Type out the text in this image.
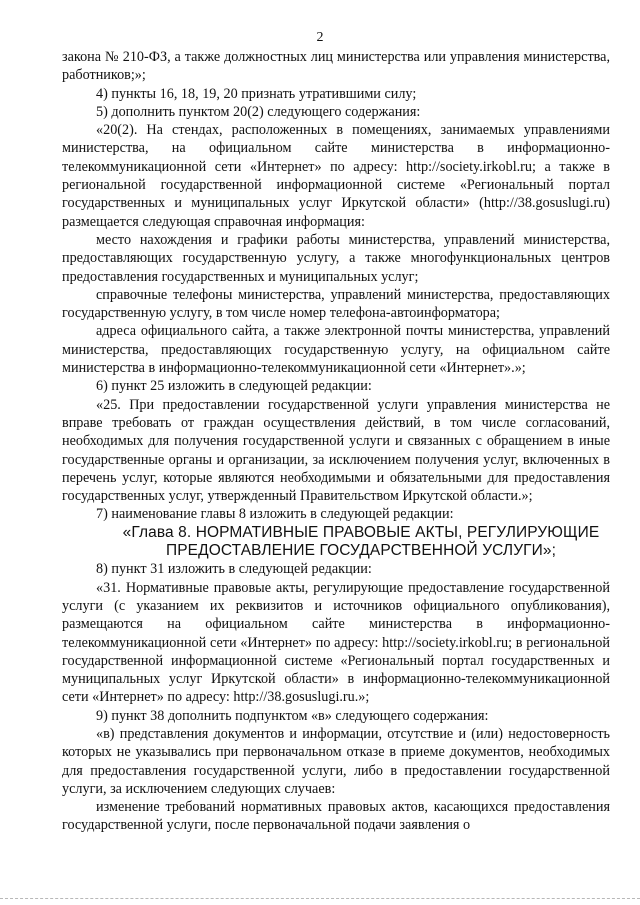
2

закона № 210-ФЗ, а также должностных лиц министерства или управления министерства, работников;»;

4) пункты 16, 18, 19, 20 признать утратившими силу;

5) дополнить пунктом 20(2) следующего содержания:

«20(2). На стендах, расположенных в помещениях, занимаемых управлениями министерства, на официальном сайте министерства в информационно-телекоммуникационной сети «Интернет» по адресу: http://society.irkobl.ru; а также в региональной государственной информационной системе «Региональный портал государственных и муниципальных услуг Иркутской области» (http://38.gosuslugi.ru) размещается следующая справочная информация:

место нахождения и графики работы министерства, управлений министерства, предоставляющих государственную услугу, а также многофункциональных центров предоставления государственных и муниципальных услуг;

справочные телефоны министерства, управлений министерства, предоставляющих государственную услугу, в том числе номер телефона-автоинформатора;

адреса официального сайта, а также электронной почты министерства, управлений министерства, предоставляющих государственную услугу, на официальном сайте министерства в информационно-телекоммуникационной сети «Интернет».»;

6) пункт 25 изложить в следующей редакции:

«25. При предоставлении государственной услуги управления министерства не вправе требовать от граждан осуществления действий, в том числе согласований, необходимых для получения государственной услуги и связанных с обращением в иные государственные органы и организации, за исключением получения услуг, включенных в перечень услуг, которые являются необходимыми и обязательными для предоставления государственных услуг, утвержденный Правительством Иркутской области.»;

7) наименование главы 8 изложить в следующей редакции:

«Глава 8. НОРМАТИВНЫЕ ПРАВОВЫЕ АКТЫ, РЕГУЛИРУЮЩИЕ ПРЕДОСТАВЛЕНИЕ ГОСУДАРСТВЕННОЙ УСЛУГИ»;

8) пункт 31 изложить в следующей редакции:

«31. Нормативные правовые акты, регулирующие предоставление государственной услуги (с указанием их реквизитов и источников официального опубликования), размещаются на официальном сайте министерства в информационно-телекоммуникационной сети «Интернет» по адресу: http://society.irkobl.ru; в региональной государственной информационной системе «Региональный портал государственных и муниципальных услуг Иркутской области» в информационно-телекоммуникационной сети «Интернет» по адресу: http://38.gosuslugi.ru.»;

9) пункт 38 дополнить подпунктом «в» следующего содержания:

«в) представления документов и информации, отсутствие и (или) недостоверность которых не указывались при первоначальном отказе в приеме документов, необходимых для предоставления государственной услуги, либо в предоставлении государственной услуги, за исключением следующих случаев:

изменение требований нормативных правовых актов, касающихся предоставления государственной услуги, после первоначальной подачи заявления о
